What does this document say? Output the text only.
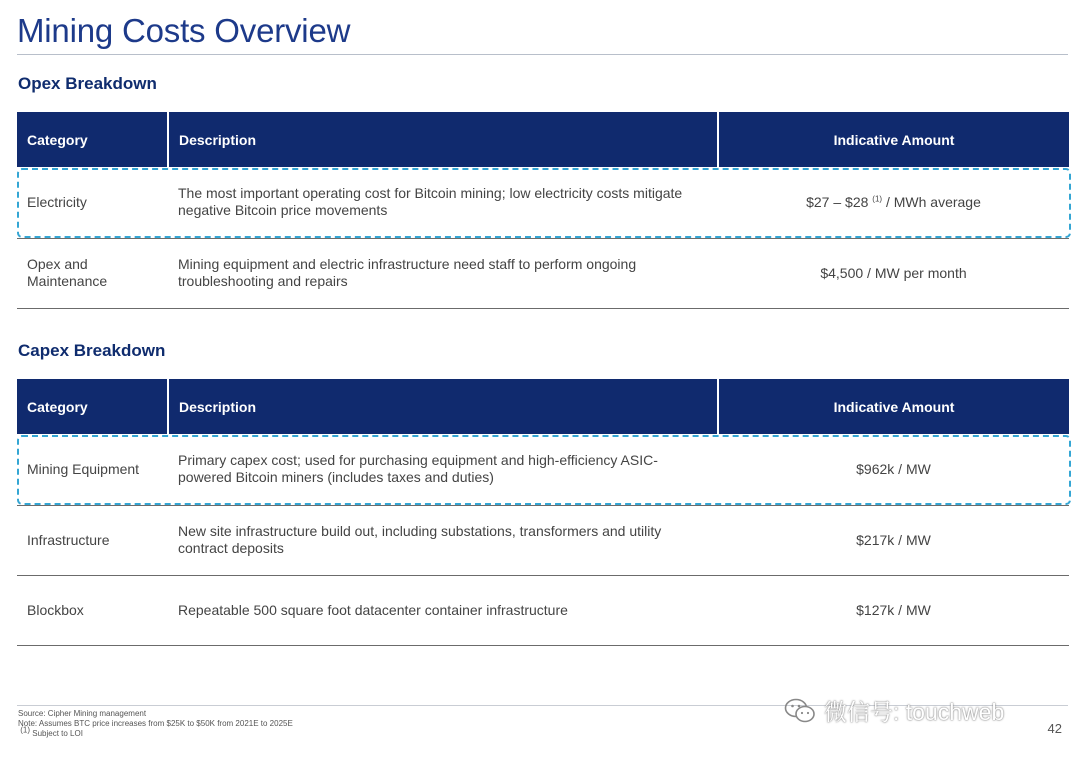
Mining Costs Overview
Opex Breakdown
Category	Description	Indicative Amount
Electricity	The most important operating cost for Bitcoin mining; low electricity costs mitigate negative Bitcoin price movements	$27 – $28 $^{(1)}$ / MWh average
Opex and Maintenance	Mining equipment and electric infrastructure need staff to perform ongoing troubleshooting and repairs	$4,500 / MW per month
Capex Breakdown
Category	Description	Indicative Amount
Mining Equipment	Primary capex cost; used for purchasing equipment and high-efficiency ASIC-powered Bitcoin miners (includes taxes and duties)	$962k / MW
Infrastructure	New site infrastructure build out, including substations, transformers and utility contract deposits	$217k / MW
Blockbox	Repeatable 500 square foot datacenter container infrastructure	$127k / MW
Source: Cipher Mining management
Note: Assumes BTC price increases from $25K to $50K from 2021E to 2025E
(1) Subject to LOI
微信号: touchweb
42
